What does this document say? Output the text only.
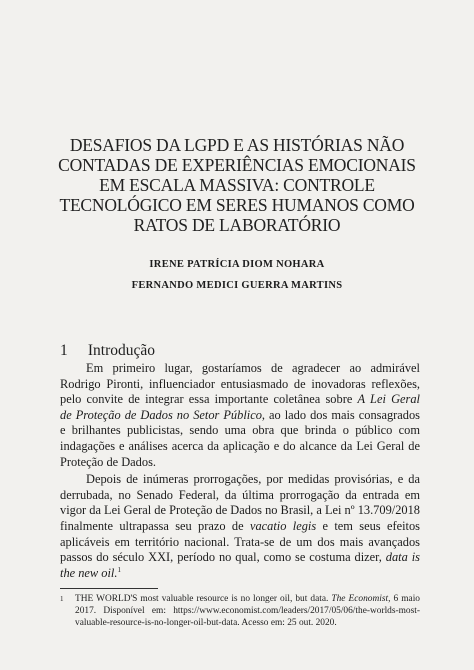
DESAFIOS DA LGPD E AS HISTÓRIAS NÃO
CONTADAS DE EXPERIÊNCIAS EMOCIONAIS
EM ESCALA MASSIVA: CONTROLE
TECNOLÓGICO EM SERES HUMANOS COMO
RATOS DE LABORATÓRIO
IRENE PATRÍCIA DIOM NOHARA
FERNANDO MEDICI GUERRA MARTINS
1 Introdução

Em primeiro lugar, gostaríamos de agradecer ao admirável
Rodrigo Pironti, influenciador entusiasmado de inovadoras reflexões,
pelo convite de integrar essa importante coletânea sobre A Lei Geral
de Proteção de Dados no Setor Público, ao lado dos mais consagrados
e brilhantes publicistas, sendo uma obra que brinda o público com
indagações e análises acerca da aplicação e do alcance da Lei Geral de
Proteção de Dados.

Depois de inúmeras prorrogações, por medidas provisórias, e da
derrubada, no Senado Federal, da última prorrogação da entrada em
vigor da Lei Geral de Proteção de Dados no Brasil, a Lei nº 13.709/2018
finalmente ultrapassa seu prazo de vacatio legis e tem seus efeitos
aplicáveis em território nacional. Trata-se de um dos mais avançados
passos do século XXI, período no qual, como se costuma dizer, data is
the new oil.$^1$

1 THE WORLD'S most valuable resource is no longer oil, but data. The Economist, 6 maio
2017. Disponível em: https://www.economist.com/leaders/2017/05/06/the-worlds-most-
valuable-resource-is-no-longer-oil-but-data. Acesso em: 25 out. 2020.
